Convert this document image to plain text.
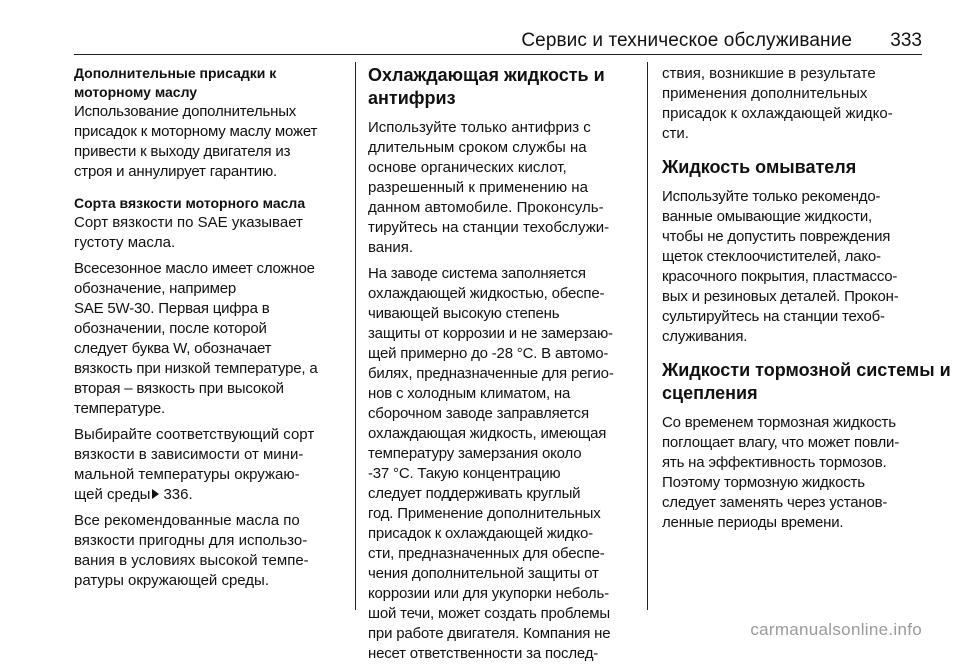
Сервис и техническое обслуживание 333
Дополнительные присадки к
моторному маслу
Использование дополнительных
присадок к моторному маслу может
привести к выходу двигателя из
строя и аннулирует гарантию.
Сорта вязкости моторного масла
Сорт вязкости по SAE указывает
густоту масла.
Всесезонное масло имеет сложное
обозначение, например
SAE 5W-30. Первая цифра в
обозначении, после которой
следует буква W, обозначает
вязкость при низкой температуре, а
вторая – вязкость при высокой
температуре.
Выбирайте соответствующий сорт
вязкости в зависимости от мини-
мальной температуры окружаю-
щей среды 336.
Все рекомендованные масла по
вязкости пригодны для использо-
вания в условиях высокой темпе-
ратуры окружающей среды.
Охлаждающая жидкость и
антифриз
Используйте только антифриз с
длительным сроком службы на
основе органических кислот,
разрешенный к применению на
данном автомобиле. Проконсуль-
тируйтесь на станции техобслужи-
вания.
На заводе система заполняется
охлаждающей жидкостью, обеспе-
чивающей высокую степень
защиты от коррозии и не замерзаю-
щей примерно до -28 °C. В автомо-
билях, предназначенные для регио-
нов с холодным климатом, на
сборочном заводе заправляется
охлаждающая жидкость, имеющая
температуру замерзания около
-37 °C. Такую концентрацию
следует поддерживать круглый
год. Применение дополнительных
присадок к охлаждающей жидко-
сти, предназначенных для обеспе-
чения дополнительной защиты от
коррозии или для укупорки неболь-
шой течи, может создать проблемы
при работе двигателя. Компания не
несет ответственности за послед-
ствия, возникшие в результате
применения дополнительных
присадок к охлаждающей жидко-
сти.
Жидкость омывателя
Используйте только рекомендо-
ванные омывающие жидкости,
чтобы не допустить повреждения
щеток стеклоочистителей, лако-
красочного покрытия, пластмассо-
вых и резиновых деталей. Прокон-
сультируйтесь на станции техоб-
служивания.
Жидкости тормозной системы и
сцепления
Со временем тормозная жидкость
поглощает влагу, что может повли-
ять на эффективность тормозов.
Поэтому тормозную жидкость
следует заменять через установ-
ленные периоды времени.
carmanualsonline.info
